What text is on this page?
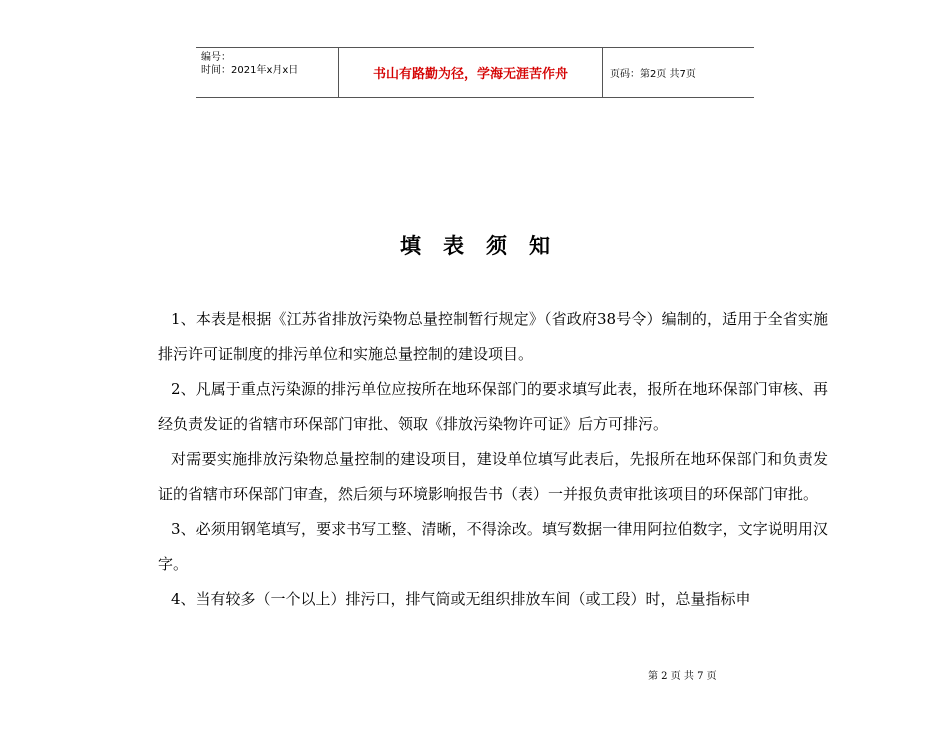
编号：
时间：2021年x月x日	书山有路勤为径，学海无涯苦作舟	页码：第2页 共7页
填表须知

1、本表是根据《江苏省排放污染物总量控制暂行规定》（省政府38号令）编制的，适用于全省实施排污许可证制度的排污单位和实施总量控制的建设项目。

2、凡属于重点污染源的排污单位应按所在地环保部门的要求填写此表，报所在地环保部门审核、再经负责发证的省辖市环保部门审批、领取《排放污染物许可证》后方可排污。

对需要实施排放污染物总量控制的建设项目，建设单位填写此表后，先报所在地环保部门和负责发证的省辖市环保部门审查，然后须与环境影响报告书（表）一并报负责审批该项目的环保部门审批。

3、必须用钢笔填写，要求书写工整、清晰，不得涂改。填写数据一律用阿拉伯数字，文字说明用汉字。

4、当有较多（一个以上）排污口，排气筒或无组织排放车间（或工段）时，总量指标申

第 2 页 共 7 页
